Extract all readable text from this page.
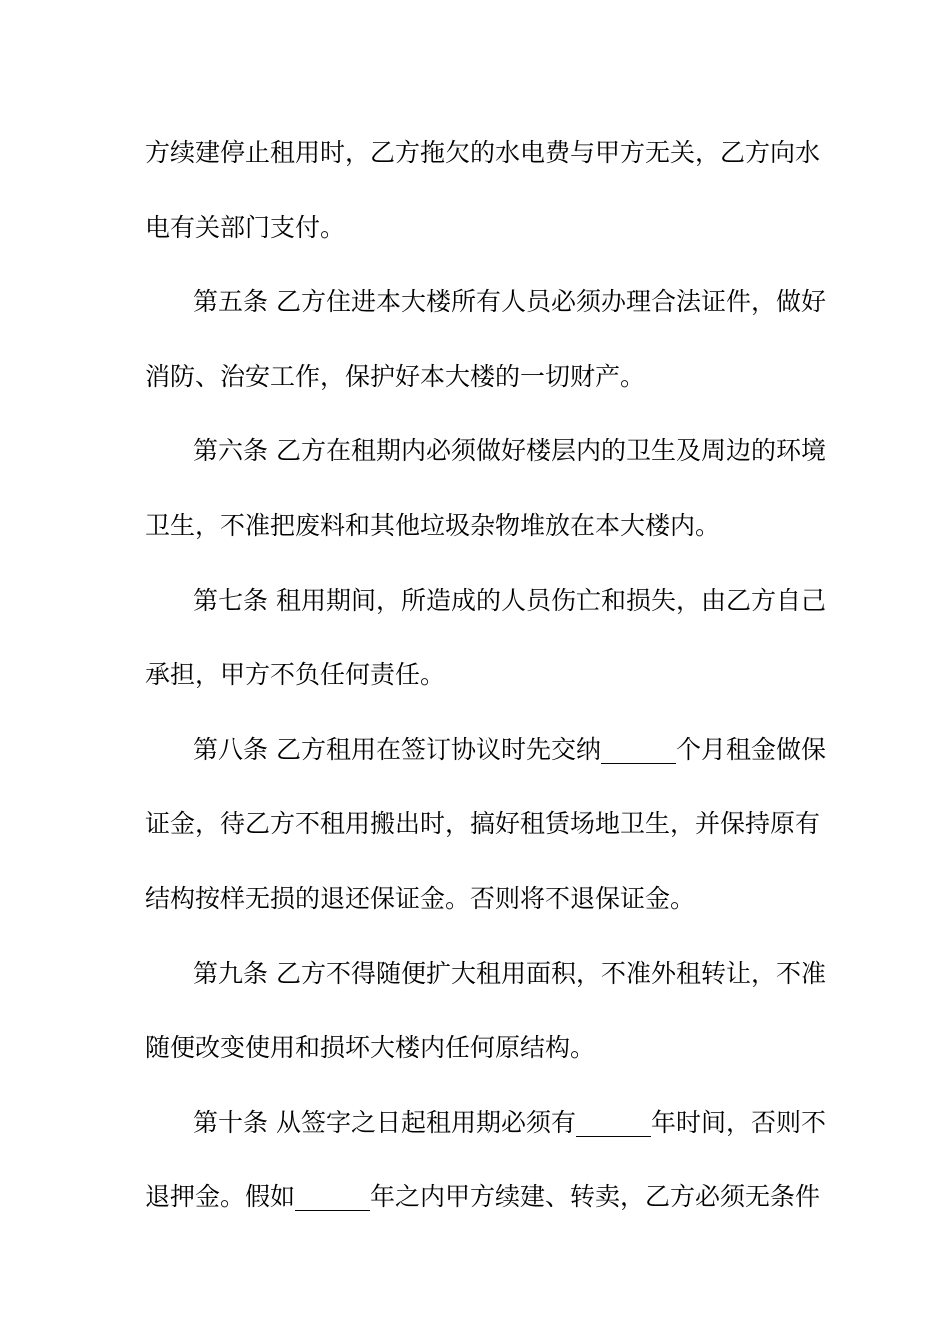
方续建停止租用时，乙方拖欠的水电费与甲方无关，乙方向水
电有关部门支付。
第五条 乙方住进本大楼所有人员必须办理合法证件，做好
消防、治安工作，保护好本大楼的一切财产。
第六条 乙方在租期内必须做好楼层内的卫生及周边的环境
卫生，不准把废料和其他垃圾杂物堆放在本大楼内。
第七条 租用期间，所造成的人员伤亡和损失，由乙方自己
承担，甲方不负任何责任。
第八条 乙方租用在签订协议时先交纳______个月租金做保
证金，待乙方不租用搬出时，搞好租赁场地卫生，并保持原有
结构按样无损的退还保证金。否则将不退保证金。
第九条 乙方不得随便扩大租用面积，不准外租转让，不准
随便改变使用和损坏大楼内任何原结构。
第十条 从签字之日起租用期必须有______年时间，否则不
退押金。假如______年之内甲方续建、转卖，乙方必须无条件
